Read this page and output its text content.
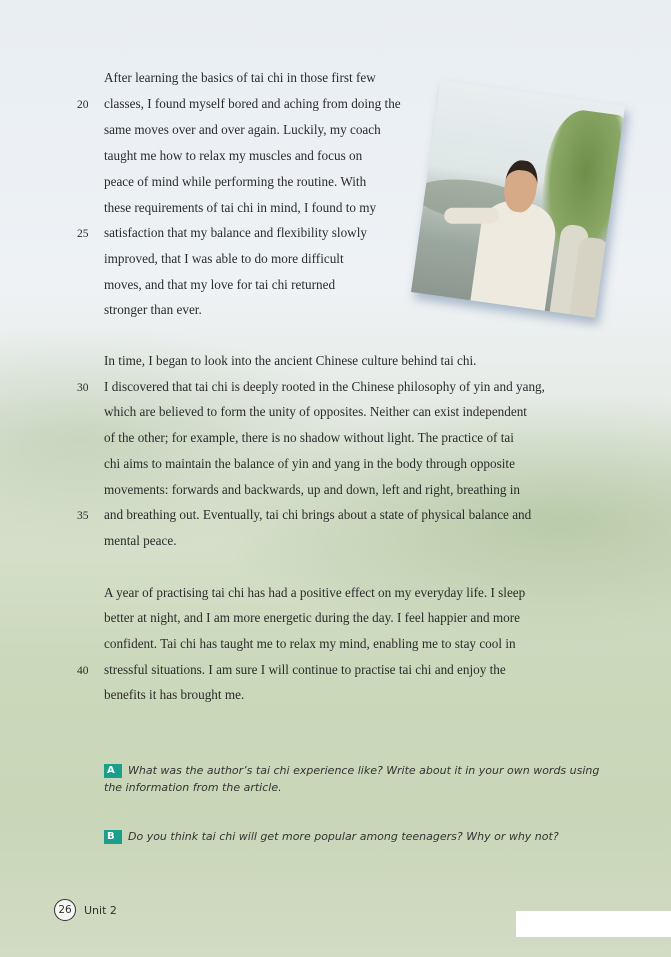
After learning the basics of tai chi in those first few
classes, I found myself bored and aching from doing the
same moves over and over again. Luckily, my coach
taught me how to relax my muscles and focus on
peace of mind while performing the routine. With
these requirements of tai chi in mind, I found to my
satisfaction that my balance and flexibility slowly
improved, that I was able to do more difficult
moves, and that my love for tai chi returned
stronger than ever.
In time, I began to look into the ancient Chinese culture behind tai chi.
I discovered that tai chi is deeply rooted in the Chinese philosophy of yin and yang,
which are believed to form the unity of opposites. Neither can exist independent
of the other; for example, there is no shadow without light. The practice of tai
chi aims to maintain the balance of yin and yang in the body through opposite
movements: forwards and backwards, up and down, left and right, breathing in
and breathing out. Eventually, tai chi brings about a state of physical balance and
mental peace.
A year of practising tai chi has had a positive effect on my everyday life. I sleep
better at night, and I am more energetic during the day. I feel happier and more
confident. Tai chi has taught me to relax my mind, enabling me to stay cool in
stressful situations. I am sure I will continue to practise tai chi and enjoy the
benefits it has brought me.
20
25
30
35
40
A What was the author’s tai chi experience like? Write about it in your own words using the information from the article.
B Do you think tai chi will get more popular among teenagers? Why or why not?
26	Unit 2
